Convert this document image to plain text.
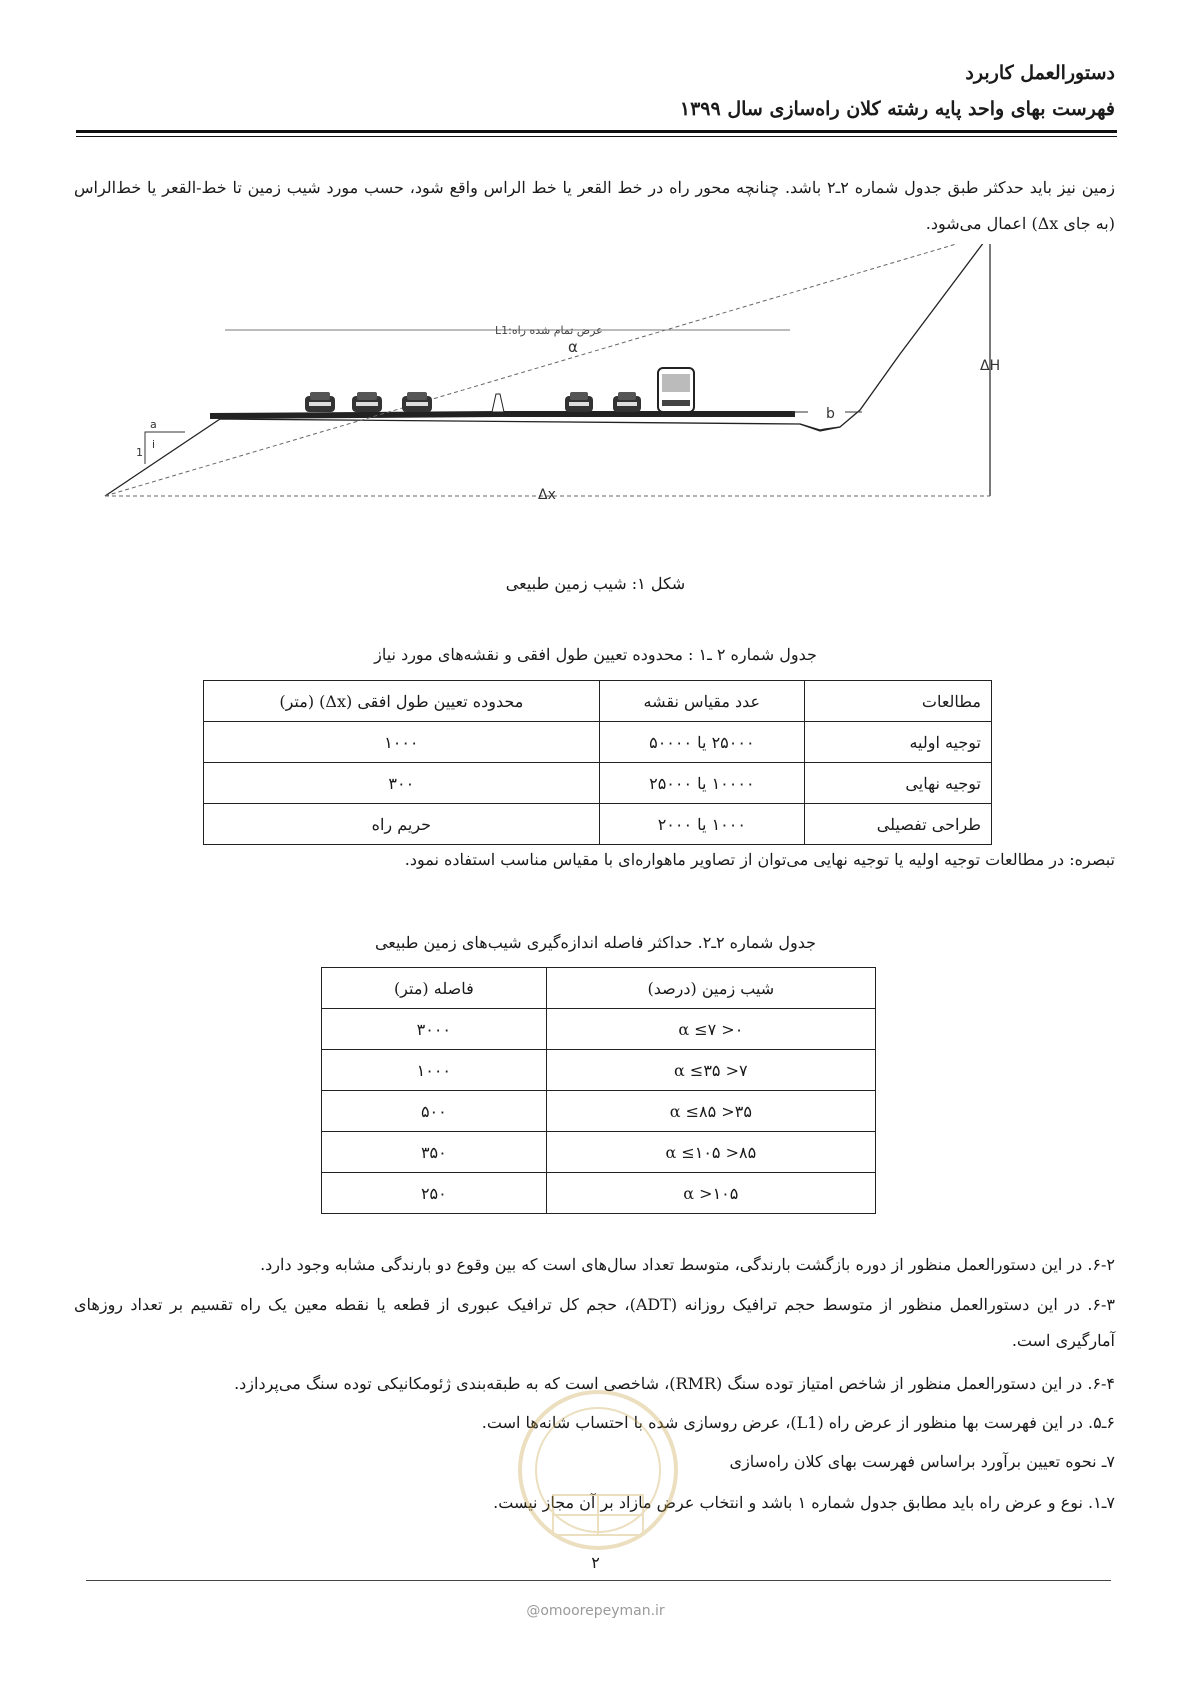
دستورالعمل کاربرد
فهرست بهای واحد پایه رشته کلان راه‌سازی سال ۱۳۹۹
زمین نیز باید حدکثر طبق جدول شماره ۲ـ۲ باشد. چنانچه محور راه در خط القعر یا خط الراس واقع شود، حسب مورد شیب زمین تا خط-القعر یا خط‌الراس (به جای Δx) اعمال می‌شود.
L1:عرض تمام شده راه
α
ΔH
Δx
b
a
i
1
شکل ۱: شیب زمین طبیعی
جدول شماره ۲ ـ۱ : محدوده تعیین طول افقی و نقشه‌های مورد نیاز
مطالعات	عدد مقیاس نقشه	محدوده تعیین طول افقی (Δx) (متر)
توجیه اولیه	۲۵۰۰۰ یا ۵۰۰۰۰	۱۰۰۰
توجیه نهایی	۱۰۰۰۰ یا ۲۵۰۰۰	۳۰۰
طراحی تفصیلی	۱۰۰۰ یا ۲۰۰۰	حریم راه
تبصره: در مطالعات توجیه اولیه یا توجیه نهایی می‌توان از تصاویر ماهواره‌ای با مقیاس مناسب استفاده نمود.
جدول شماره ۲ـ۲. حداکثر فاصله اندازه‌گیری شیب‌های زمین طبیعی
شیب زمین (درصد)	فاصله (متر)
۰< α ≤۷	۳۰۰۰
۷< α ≤۳۵	۱۰۰۰
۳۵< α ≤۸۵	۵۰۰
۸۵< α ≤۱۰۵	۳۵۰
α >۱۰۵	۲۵۰
۶-۲. در این دستورالعمل منظور از دوره بازگشت بارندگی، متوسط تعداد سال‌های است که بین وقوع دو بارندگی مشابه وجود دارد.
۶-۳. در این دستورالعمل منظور از متوسط حجم ترافیک روزانه (ADT)، حجم کل ترافیک عبوری از قطعه یا نقطه معین یک راه تقسیم بر تعداد روزهای آمارگیری است.
۶-۴. در این دستورالعمل منظور از شاخص امتیاز توده سنگ (RMR)، شاخصی است که به طبقه‌بندی ژئومکانیکی توده سنگ می‌پردازد.
۶ـ۵. در این فهرست بها منظور از عرض راه (L1)، عرض روسازی شده با احتساب شانه‌ها است.
۷ـ نحوه تعیین برآورد براساس فهرست بهای کلان راه‌سازی
۷ـ۱. نوع و عرض راه باید مطابق جدول شماره ۱ باشد و انتخاب عرض مازاد بر آن مجاز نیست.
۲
@omoorepeyman.ir
